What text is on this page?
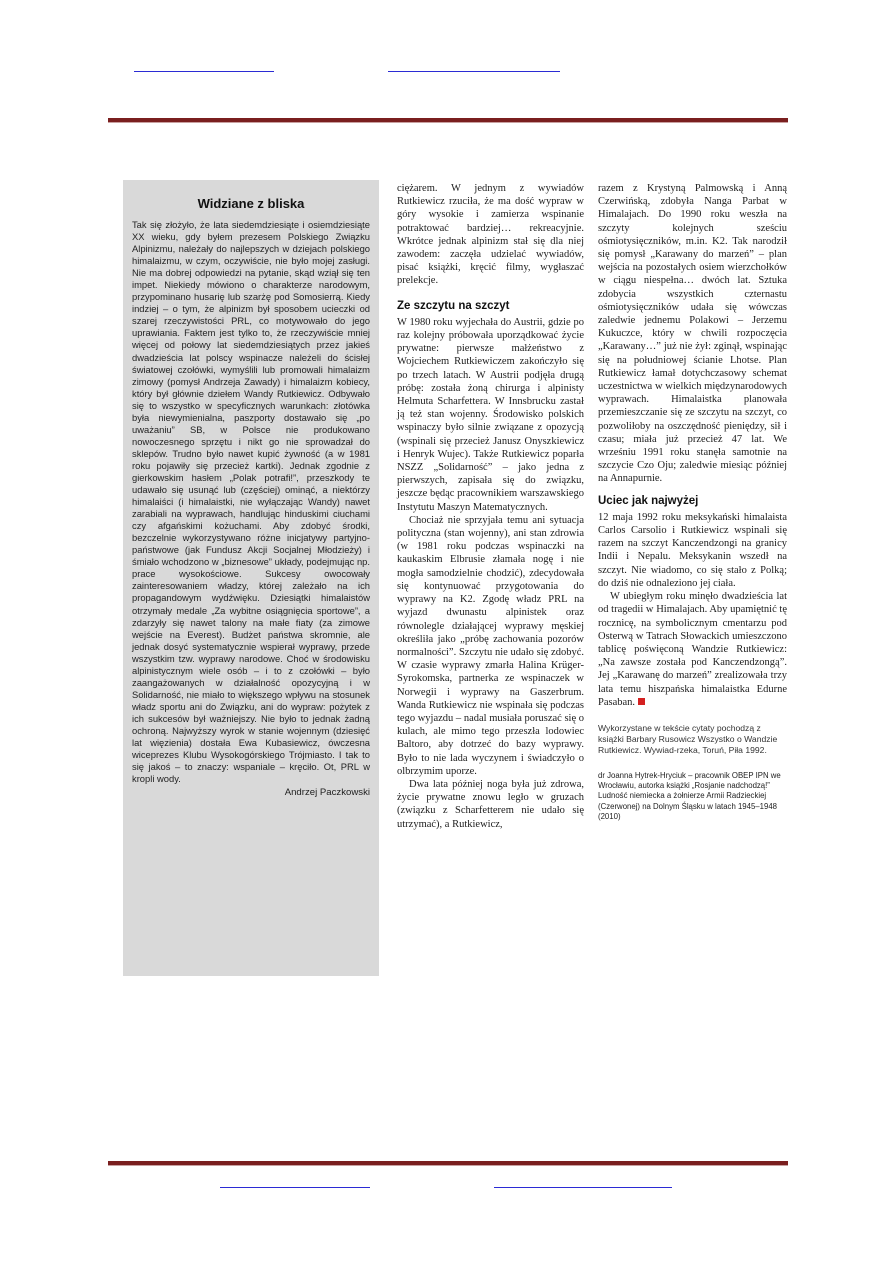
Widziane z bliska

Tak się złożyło, że lata siedemdziesiąte i osiemdziesiąte XX wieku, gdy byłem prezesem Polskiego Związku Alpinizmu, należały do najlepszych w dziejach polskiego himalaizmu, w czym, oczywiście, nie było mojej zasługi. Nie ma dobrej odpowiedzi na pytanie, skąd wziął się ten impet. Niekiedy mówiono o charakterze narodowym, przypominano husarię lub szarżę pod Somosierrą. Kiedy indziej – o tym, że alpinizm był sposobem ucieczki od szarej rzeczywistości PRL, co motywowało do jego uprawiania. Faktem jest tylko to, że rzeczywiście mniej więcej od połowy lat siedemdziesiątych przez jakieś dwadzieścia lat polscy wspinacze należeli do ścisłej światowej czołówki, wymyślili lub promowali himalaizm zimowy (pomysł Andrzeja Zawady) i himalaizm kobiecy, który był głównie dziełem Wandy Rutkiewicz. Odbywało się to wszystko w specyficznych warunkach: złotówka była niewymienialna, paszporty dostawało się „po uważaniu” SB, w Polsce nie produkowano nowoczesnego sprzętu i nikt go nie sprowadzał do sklepów. Trudno było nawet kupić żywność (a w 1981 roku pojawiły się przecież kartki). Jednak zgodnie z gierkowskim hasłem „Polak potrafi!”, przeszkody te udawało się usunąć lub (częściej) ominąć, a niektórzy himalaiści (i himalaistki, nie wyłączając Wandy) nawet zarabiali na wyprawach, handlując hinduskimi ciuchami czy afgańskimi kożuchami. Aby zdobyć środki, bezczelnie wykorzystywano różne inicjatywy partyjno-państwowe (jak Fundusz Akcji Socjalnej Młodzieży) i śmiało wchodzono w „biznesowe” układy, podejmując np. prace wysokościowe. Sukcesy owocowały zainteresowaniem władzy, której zależało na ich propagandowym wydźwięku. Dziesiątki himalaistów otrzymały medale „Za wybitne osiągnięcia sportowe”, a zdarzyły się nawet talony na małe fiaty (za zimowe wejście na Everest). Budżet państwa skromnie, ale jednak dosyć systematycznie wspierał wyprawy, przede wszystkim tzw. wyprawy narodowe. Choć w środowisku alpinistycznym wiele osób – i to z czołówki – było zaangażowanych w działalność opozycyjną i w Solidarność, nie miało to większego wpływu na stosunek władz sportu ani do Związku, ani do wypraw: pożytek z ich sukcesów był ważniejszy. Nie było to jednak żadną ochroną. Najwyższy wyrok w stanie wojennym (dziesięć lat więzienia) dostała Ewa Kubasiewicz, ówczesna wiceprezes Klubu Wysokogórskiego Trójmiasto. I tak to się jakoś – to znaczy: wspaniale – kręciło. Ot, PRL w kropli wody.

Andrzej Paczkowski

ciężarem. W jednym z wywiadów Rutkiewicz rzuciła, że ma dość wypraw w góry wysokie i zamierza wspinanie potraktować bardziej… rekreacyjnie. Wkrótce jednak alpinizm stał się dla niej zawodem: zaczęła udzielać wywiadów, pisać książki, kręcić filmy, wygłaszać prelekcje.

Ze szczytu na szczyt

W 1980 roku wyjechała do Austrii, gdzie po raz kolejny próbowała uporządkować życie prywatne: pierwsze małżeństwo z Wojciechem Rutkiewiczem zakończyło się po trzech latach. W Austrii podjęła drugą próbę: została żoną chirurga i alpinisty Helmuta Scharfettera. W Innsbrucku zastał ją też stan wojenny. Środowisko polskich wspinaczy było silnie związane z opozycją (wspinali się przecież Janusz Onyszkiewicz i Henryk Wujec). Także Rutkiewicz poparła NSZZ „Solidarność” – jako jedna z pierwszych, zapisała się do związku, jeszcze będąc pracownikiem warszawskiego Instytutu Maszyn Matematycznych.

Chociaż nie sprzyjała temu ani sytuacja polityczna (stan wojenny), ani stan zdrowia (w 1981 roku podczas wspinaczki na kaukaskim Elbrusie złamała nogę i nie mogła samodzielnie chodzić), zdecydowała się kontynuować przygotowania do wyprawy na K2. Zgodę władz PRL na wyjazd dwunastu alpinistek oraz równolegle działającej wyprawy męskiej określiła jako „próbę zachowania pozorów normalności”. Szczytu nie udało się zdobyć. W czasie wyprawy zmarła Halina Krüger-Syrokomska, partnerka ze wspinaczek w Norwegii i wyprawy na Gaszerbrum. Wanda Rutkiewicz nie wspinała się podczas tego wyjazdu – nadal musiała poruszać się o kulach, ale mimo tego przeszła lodowiec Baltoro, aby dotrzeć do bazy wyprawy. Było to nie lada wyczynem i świadczyło o olbrzymim uporze.

Dwa lata później noga była już zdrowa, życie prywatne znowu legło w gruzach (związku z Scharfetterem nie udało się utrzymać), a Rutkiewicz,

razem z Krystyną Palmowską i Anną Czerwińską, zdobyła Nanga Parbat w Himalajach. Do 1990 roku weszła na szczyty kolejnych sześciu ośmiotysięczników, m.in. K2. Tak narodził się pomysł „Karawany do marzeń” – plan wejścia na pozostałych osiem wierzchołków w ciągu niespełna… dwóch lat. Sztuka zdobycia wszystkich czternastu ośmiotysięczników udała się wówczas zaledwie jednemu Polakowi – Jerzemu Kukuczce, który w chwili rozpoczęcia „Karawany…” już nie żył: zginął, wspinając się na południowej ścianie Lhotse. Plan Rutkiewicz łamał dotychczasowy schemat uczestnictwa w wielkich międzynarodowych wyprawach. Himalaistka planowała przemieszczanie się ze szczytu na szczyt, co pozwoliłoby na oszczędność pieniędzy, sił i czasu; miała już przecież 47 lat. We wrześniu 1991 roku stanęła samotnie na szczycie Czo Oju; zaledwie miesiąc później na Annapurnie.

Uciec jak najwyżej

12 maja 1992 roku meksykański himalaista Carlos Carsolio i Rutkiewicz wspinali się razem na szczyt Kanczendzongi na granicy Indii i Nepalu. Meksykanin wszedł na szczyt. Nie wiadomo, co się stało z Polką; do dziś nie odnaleziono jej ciała.

W ubiegłym roku minęło dwadzieścia lat od tragedii w Himalajach. Aby upamiętnić tę rocznicę, na symbolicznym cmentarzu pod Osterwą w Tatrach Słowackich umieszczono tablicę poświęconą Wandzie Rutkiewicz: „Na zawsze została pod Kanczendzongą”. Jej „Karawanę do marzeń” zrealizowała trzy lata temu hiszpańska himalaistka Edurne Pasaban.

Wykorzystane w tekście cytaty pochodzą z książki Barbary Rusowicz Wszystko o Wandzie Rutkiewicz. Wywiad-rzeka, Toruń, Piła 1992.

dr Joanna Hytrek-Hryciuk – pracownik OBEP IPN we Wrocławiu, autorka książki „Rosjanie nadchodzą!” Ludność niemiecka a żołnierze Armii Radzieckiej (Czerwonej) na Dolnym Śląsku w latach 1945–1948 (2010)
